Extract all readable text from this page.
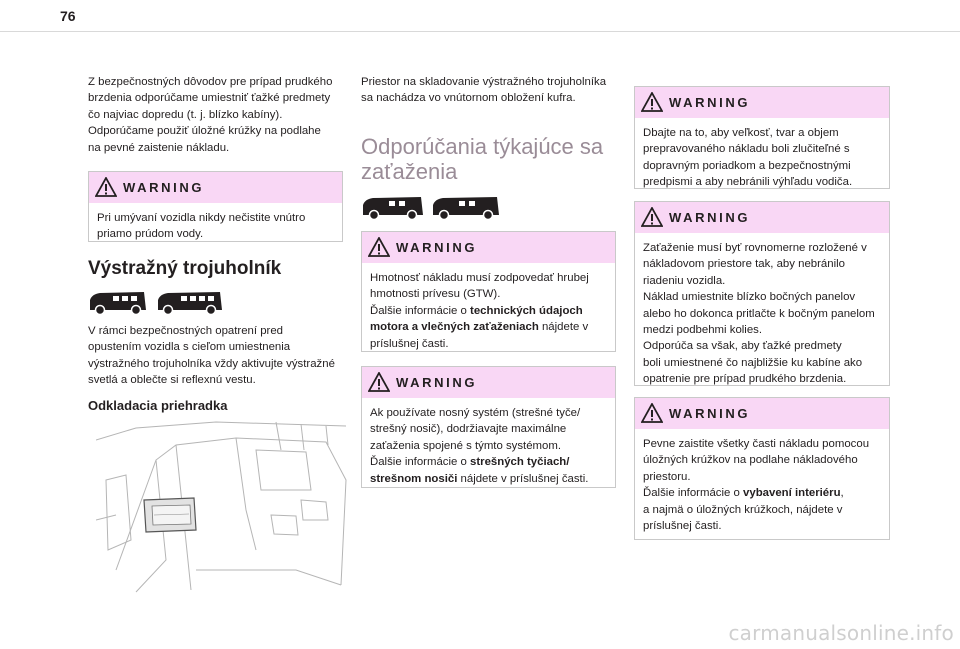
76

Z bezpečnostných dôvodov pre prípad prudkého
brzdenia odporúčame umiestniť ťažké predmety
čo najviac dopredu (t. j. blízko kabíny).
Odporúčame použiť úložné krúžky na podlahe
na pevné zaistenie nákladu.

WARNING
Pri umývaní vozidla nikdy nečistite vnútro
priamo prúdom vody.
Výstražný trojuholník

V rámci bezpečnostných opatrení pred
opustením vozidla s cieľom umiestnenia
výstražného trojuholníka vždy aktivujte výstražné
svetlá a oblečte si reflexnú vestu.

Odkladacia priehradka

Priestor na skladovanie výstražného trojuholníka
sa nachádza vo vnútornom obložení kufra.

Odporúčania týkajúce sa
zaťaženia
WARNING
Hmotnosť nákladu musí zodpovedať hrubej
hmotnosti prívesu (GTW).
Ďalšie informácie o technických údajoch
motora a vlečných zaťaženiach nájdete v
príslušnej časti.
WARNING
Ak používate nosný systém (strešné tyče/
strešný nosič), dodržiavajte maximálne
zaťaženia spojené s týmto systémom.
Ďalšie informácie o strešných tyčiach/
strešnom nosiči nájdete v príslušnej časti.
WARNING
Dbajte na to, aby veľkosť, tvar a objem
prepravovaného nákladu boli zlučiteľné s
dopravným poriadkom a bezpečnostnými
predpismi a aby nebránili výhľadu vodiča.
WARNING
Zaťaženie musí byť rovnomerne rozložené v
nákladovom priestore tak, aby nebránilo
riadeniu vozidla.
Náklad umiestnite blízko bočných panelov
alebo ho dokonca pritlačte k bočným panelom
medzi podbehmi kolies.
Odporúča sa však, aby ťažké predmety
boli umiestnené čo najbližšie ku kabíne ako
opatrenie pre prípad prudkého brzdenia.
WARNING
Pevne zaistite všetky časti nákladu pomocou
úložných krúžkov na podlahe nákladového
priestoru.
Ďalšie informácie o vybavení interiéru,
a najmä o úložných krúžkoch, nájdete v
príslušnej časti.
carmanualsonline.info
